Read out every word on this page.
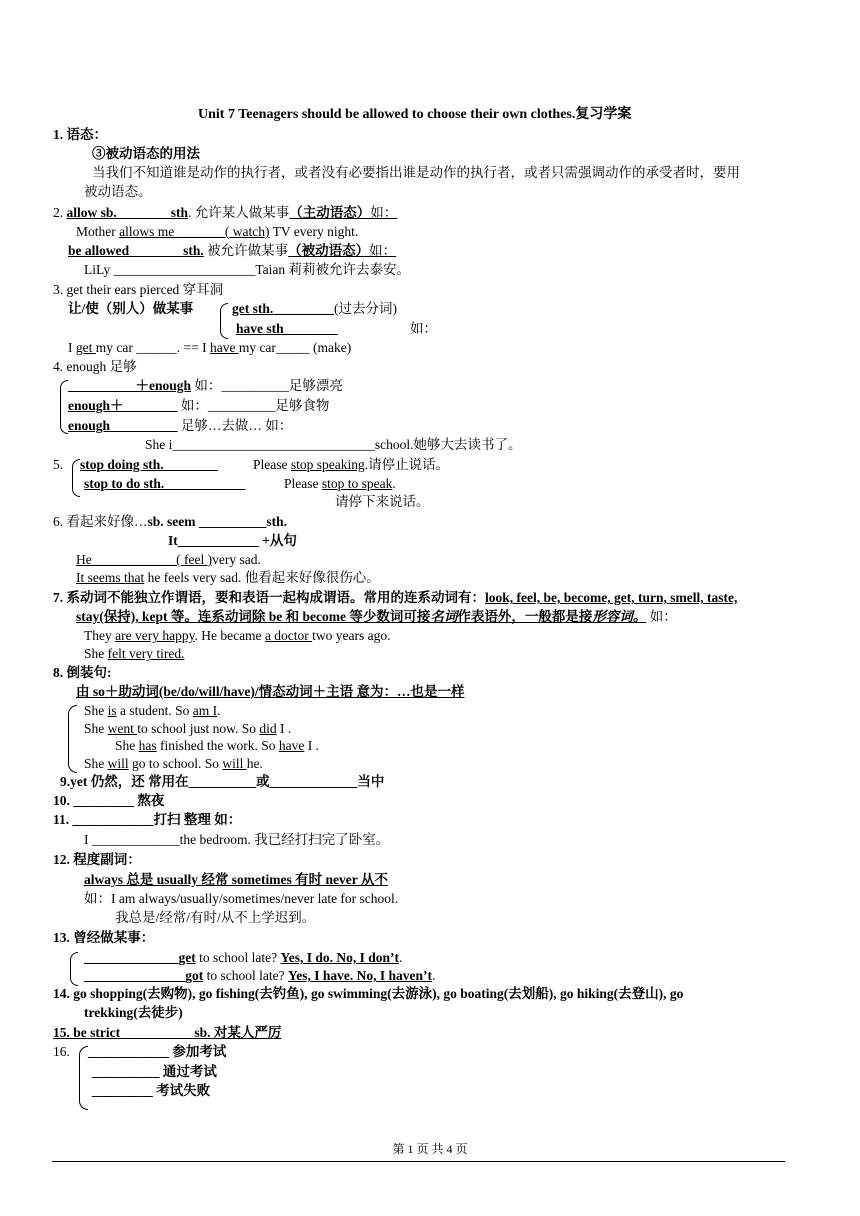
Unit 7 Teenagers should be allowed to choose their own clothes.复习学案
1. 语态：
③被动语态的用法
当我们不知道谁是动作的执行者，或者没有必要指出谁是动作的执行者，或者只需强调动作的承受者时，要用
被动语态。
2. allow sb.________sth. 允许某人做某事（主动语态）如：
Mother allows me _______( watch) TV every night.
be allowed________sth. 被允许做某事（被动语态）如：
LiLy _____________________Taian 莉莉被允许去泰安。
3. get their ears pierced 穿耳洞
让/使（别人）做某事	get sth._________(过去分词)
have sth________	如：
I get my car ______. == I have my car_____ (make)
4. enough 足够
__________＋enough 如：__________足够漂亮
enough＋________ 如：__________足够食物
enough__________ 足够…去做… 如：
She i______________________________school.她够大去读书了。
5. stop doing sth.________	Please stop speaking.请停止说话。
stop to do sth.____________	Please stop to speak.
请停下来说话。
6. 看起来好像…sb. seem __________sth.
It____________ +从句
He ____________( feel )very sad.
It seems that he feels very sad. 他看起来好像很伤心。
7. 系动词不能独立作谓语，要和表语一起构成谓语。常用的连系动词有：look, feel, be, become, get, turn, smell, taste,
stay(保持), kept 等。连系动词除 be 和 become 等少数词可接名词作表语外，一般都是接形容词。 如：
They are very happy. He became a doctor two years ago.
She felt very tired.
8. 倒装句:
由 so＋助动词(be/do/will/have)/情态动词＋主语 意为：…也是一样
She is a student. So am I.
She went to school just now. So did I .
She has finished the work. So have I .
She will go to school. So will he.
9.yet 仍然，还 常用在__________或_____________当中
10. _________ 熬夜
11. ____________打扫 整理 如：
I _____________the bedroom. 我已经打扫完了卧室。
12. 程度副词：
always 总是 usually 经常 sometimes 有时 never 从不
如：I am always/usually/sometimes/never late for school.
我总是/经常/有时/从不上学迟到。
13. 曾经做某事：
______________get to school late? Yes, I do. No, I don’t.
_______________got to school late? Yes, I have. No, I haven’t.
14. go shopping(去购物), go fishing(去钓鱼), go swimming(去游泳), go boating(去划船), go hiking(去登山), go
trekking(去徒步)
15. be strict___________sb. 对某人严厉
16. ____________ 参加考试
__________ 通过考试
_________ 考试失败
第 1 页 共 4 页
